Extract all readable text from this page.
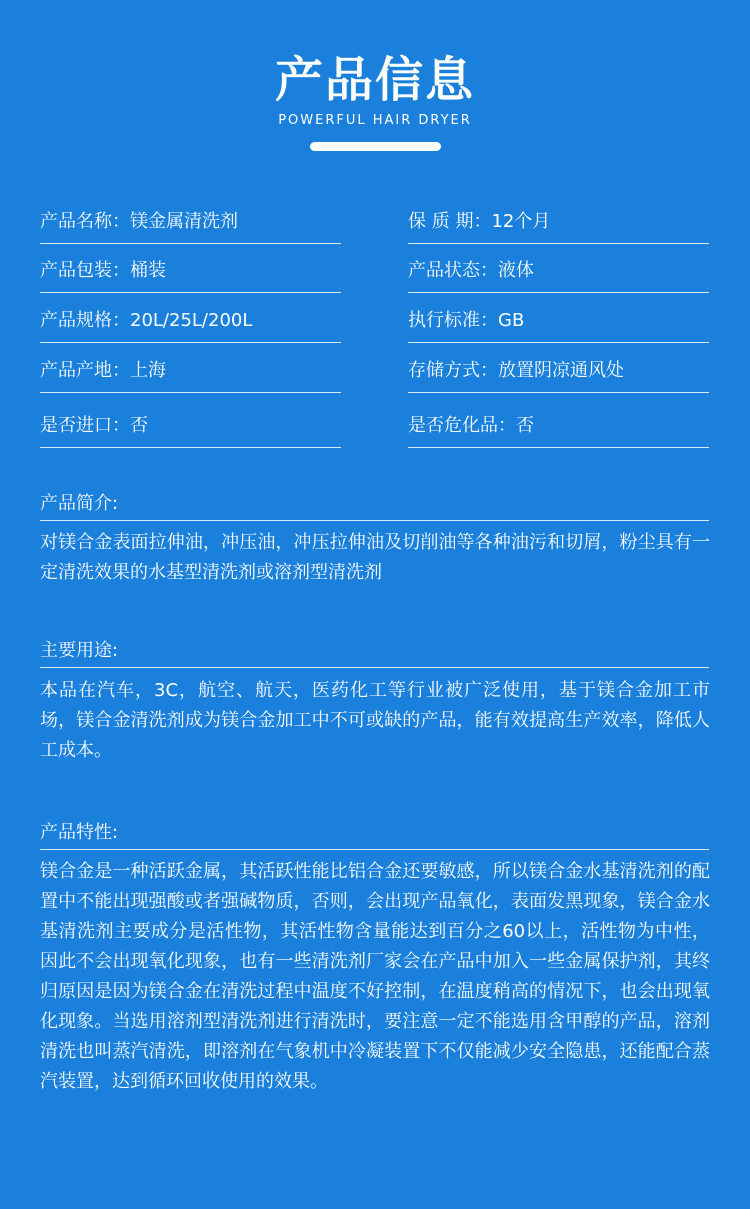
产品信息
POWERFUL HAIR DRYER
产品名称：镁金属清洗剂
产品包装：桶装
产品规格：20L/25L/200L
产品产地：上海
是否进口：否
保 质 期：12个月
产品状态：液体
执行标准：GB
存储方式：放置阴凉通风处
是否危化品：否
产品简介:
对镁合金表面拉伸油，冲压油，冲压拉伸油及切削油等各种油污和切屑，粉尘具有一定清洗效果的水基型清洗剂或溶剂型清洗剂
主要用途:
本品在汽车，3C，航空、航天，医药化工等行业被广泛使用，基于镁合金加工市场，镁合金清洗剂成为镁合金加工中不可或缺的产品，能有效提高生产效率，降低人工成本。
产品特性:
镁合金是一种活跃金属，其活跃性能比铝合金还要敏感，所以镁合金水基清洗剂的配置中不能出现强酸或者强碱物质，否则，会出现产品氧化，表面发黑现象，镁合金水基清洗剂主要成分是活性物，其活性物含量能达到百分之60以上，活性物为中性，因此不会出现氧化现象，也有一些清洗剂厂家会在产品中加入一些金属保护剂，其终归原因是因为镁合金在清洗过程中温度不好控制，在温度稍高的情况下，也会出现氧化现象。当选用溶剂型清洗剂进行清洗时，要注意一定不能选用含甲醇的产品，溶剂清洗也叫蒸汽清洗，即溶剂在气象机中冷凝装置下不仅能减少安全隐患，还能配合蒸汽装置，达到循环回收使用的效果。
